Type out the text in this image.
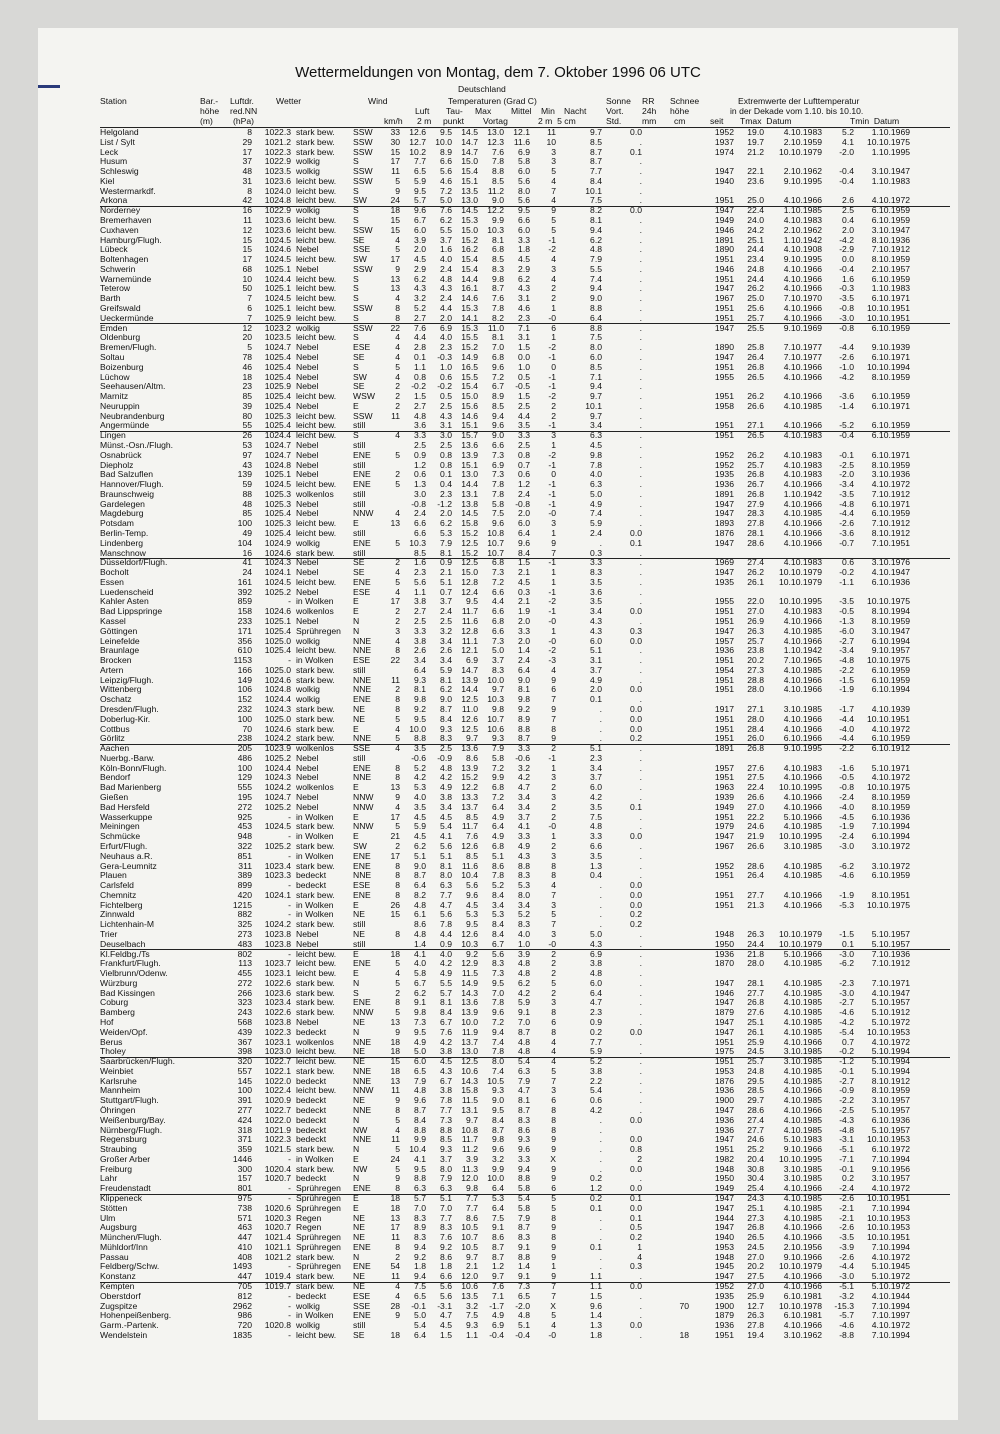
Wettermeldungen von Montag, dem 7. Oktober 1996 06 UTC
Deutschland
Station	Bar.- Luftdr.	Wetter	Wind	Temperaturen (Grad C)	Sonne RR Schnee	Extremwerte der Lufttemperatur
höhe red.NN	Luft Tau- Max Mittel Min Nacht Vort. 24h höhe	in der Dekade vom 1.10. bis 10.10.
(m) (hPa)	km/h 2 m punkt Vortag	2 m  5 cm	Std. mm cm	seit Tmax  Datum	Tmin  Datum
Helgoland	8	1022.3 stark bew. SSW	33	12.6	9.5	14.5	13.0	12.1	11	9.7	0.0	1952	19.0	4.10.1983	5.2	1.10.1969
List / Sylt	29	1021.2 stark bew. SSW	30	12.7	10.0	14.7	12.3	11.6	10	8.5	.	1937	19.7	2.10.1959	4.1	10.10.1975
Leck	17	1022.3 stark bew. SSW	15	10.2	8.9	14.7	7.6	6.9	3	8.7	0.1	1974	21.2	10.10.1979	-2.0	1.10.1995
Husum	37	1022.9 wolkig	S	17	7.7	6.6	15.0	7.8	5.8	3	8.7	.
Schleswig	48	1023.5 wolkig	SSW	11	6.5	5.6	15.4	8.8	6.0	5	7.7	.	1947	22.1	2.10.1962	-0.4	3.10.1947
Kiel	31	1023.6 leicht bew. SSW	5	5.9	4.6	15.1	8.5	5.6	4	8.4	.	1940	23.6	9.10.1995	-0.4	1.10.1983
Westermarkdf.	8	1024.0 leicht bew. S	9	9.5	7.2	13.5	11.2	8.0	7	10.1	.
Arkona	42	1024.8 leicht bew. SW	24	5.7	5.0	13.0	9.0	5.6	4	7.5	.	1951	25.0	4.10.1966	2.6	4.10.1972
Norderney	16	1022.9 wolkig	S	18	9.6	7.6	14.5	12.2	9.5	9	8.2	0.0	1947	22.4	1.10.1985	2.5	6.10.1959
Bremerhaven	11	1023.6 leicht bew. S	15	6.7	6.2	15.3	9.9	6.6	5	8.1	.	1949	24.0	4.10.1983	0.4	6.10.1959
Cuxhaven	12	1023.6 leicht bew. SSW	15	6.0	5.5	15.0	10.3	6.0	5	9.4	.	1946	24.2	2.10.1962	2.0	3.10.1947
Hamburg/Flugh.	15	1024.5 leicht bew. SE	4	3.9	3.7	15.2	8.1	3.3	-1	6.2	.	1891	25.1	1.10.1942	-4.2	8.10.1936
Lübeck	15	1024.6 Nebel	SSE	5	2.0	1.6	16.2	6.8	1.8	-2	4.8	.	1890	24.4	4.10.1908	-2.9	7.10.1912
Boltenhagen	17	1024.5 leicht bew. SW	17	4.5	4.0	15.4	8.5	4.5	4	7.9	.	1951	23.4	9.10.1995	0.0	8.10.1959
Schwerin	68	1025.1 Nebel	SSW	9	2.9	2.4	15.4	8.3	2.9	3	5.5	.	1946	24.8	4.10.1966	-0.4	2.10.1957
Warnemünde	10	1024.4 leicht bew. S	13	6.2	4.8	14.4	9.8	6.2	4	7.4	.	1951	24.4	4.10.1966	1.6	6.10.1959
Teterow	50	1025.1 leicht bew. S	13	4.3	4.3	16.1	8.7	4.3	2	9.4	.	1947	26.2	4.10.1966	-0.3	1.10.1983
Barth	7	1024.5 leicht bew. S	4	3.2	2.4	14.6	7.6	3.1	2	9.0	.	1967	25.0	7.10.1970	-3.5	6.10.1971
Greifswald	6	1025.1 leicht bew. SSW	8	5.2	4.4	15.3	7.8	4.6	1	8.8	.	1951	25.6	4.10.1966	-0.8	10.10.1951
Ueckermünde	7	1025.9 leicht bew. S	8	2.7	2.0	14.1	8.2	2.3	-0	6.4	.	1951	25.7	4.10.1966	-3.0	10.10.1951
Emden	12	1023.2 wolkig	SSW	22	7.6	6.9	15.3	11.0	7.1	6	8.8	.	1947	25.5	9.10.1969	-0.8	6.10.1959
Oldenburg	20	1023.5 leicht bew. S	4	4.4	4.0	15.5	8.1	3.1	1	7.5	.
Bremen/Flugh.	5	1024.7 Nebel	ESE	4	2.8	2.3	15.2	7.0	1.5	-2	8.0	.	1890	25.8	7.10.1977	-4.4	9.10.1939
Soltau	78	1025.4 Nebel	SE	4	0.1	-0.3	14.9	6.8	0.0	-1	6.0	.	1947	26.4	7.10.1977	-2.6	6.10.1971
Boizenburg	46	1025.4 Nebel	S	5	1.1	1.0	16.5	9.6	1.0	0	8.5	.	1951	26.8	4.10.1966	-1.0	10.10.1994
Lüchow	18	1025.4 Nebel	SW	4	0.8	0.6	15.5	7.2	0.5	-1	7.1	.	1955	26.5	4.10.1966	-4.2	8.10.1959
Seehausen/Altm.	23	1025.9 Nebel	SE	2	-0.2	-0.2	15.4	6.7	-0.5	-1	9.4	.
Marnitz	85	1025.4 leicht bew. WSW	2	1.5	0.5	15.0	8.9	1.5	-2	9.7	.	1951	26.2	4.10.1966	-3.6	6.10.1959
Neuruppin	39	1025.4 Nebel	E	2	2.7	2.5	15.6	8.5	2.5	2	10.1	.	1958	26.6	4.10.1985	-1.4	6.10.1971
Neubrandenburg	80	1025.3 leicht bew. SSW	11	4.8	4.3	14.6	9.4	4.4	2	9.7	.
Angermünde	55	1025.4 leicht bew. still	3.6	3.1	15.1	9.6	3.5	-1	3.4	.	1951	27.1	4.10.1966	-5.2	6.10.1959
Lingen	26	1024.4 leicht bew. S	4	3.3	3.0	15.7	9.0	3.3	3	6.3	.	1951	26.5	4.10.1983	-0.4	6.10.1959
Münst.-Osn./Flugh.	53	1024.7 Nebel	still	2.5	2.5	13.6	6.6	2.5	1	4.5	.
Osnabrück	97	1024.7 Nebel	ENE	5	0.9	0.8	13.9	7.3	0.8	-2	9.8	.	1952	26.2	4.10.1983	-0.1	6.10.1971
Diepholz	43	1024.8 Nebel	still	1.2	0.8	15.1	6.9	0.7	-1	7.8	.	1952	25.7	4.10.1983	-2.5	8.10.1959
Bad Salzuflen	139	1025.1 Nebel	ENE	2	0.6	0.1	13.0	7.3	0.6	0	4.0	.	1935	26.8	4.10.1983	-2.0	3.10.1936
Hannover/Flugh.	59	1024.5 leicht bew. ENE	5	1.3	0.4	14.4	7.8	1.2	-1	6.3	.	1936	26.7	4.10.1966	-3.4	4.10.1972
Braunschweig	88	1025.3 wolkenlos still	3.0	2.3	13.1	7.8	2.4	-1	5.0	.	1891	26.8	1.10.1942	-3.5	7.10.1912
Gardelegen	48	1025.3 Nebel	still	-0.8	-1.2	13.8	5.8	-0.8	-1	4.9	.	1947	27.9	4.10.1966	-4.8	6.10.1971
Magdeburg	85	1025.4 Nebel	NNW	4	2.4	2.0	14.5	7.5	2.0	-0	7.4	.	1947	28.3	4.10.1985	-4.4	6.10.1959
Potsdam	100	1025.3 leicht bew. E	13	6.6	6.2	15.8	9.6	6.0	3	5.9	.	1893	27.8	4.10.1966	-2.6	7.10.1912
Berlin-Temp.	49	1025.4 leicht bew. still	6.6	5.3	15.2	10.8	6.4	1	2.4	0.0	1876	28.1	4.10.1966	-3.6	8.10.1912
Lindenberg	104	1024.9 wolkig	ENE	5	10.3	7.9	12.5	10.7	9.6	9	.	0.1	1947	28.6	4.10.1966	-0.7	7.10.1951
Manschnow	16	1024.6 stark bew. still	8.5	8.1	15.2	10.7	8.4	7	0.3	.
Düsseldorf/Flugh.	41	1024.3 Nebel	SE	2	1.6	0.9	12.5	6.8	1.5	-1	3.3	.	1969	27.4	4.10.1983	0.6	3.10.1976
Bocholt	24	1024.1 Nebel	SE	4	2.3	2.1	15.0	7.3	2.1	1	8.3	.	1947	26.2	10.10.1979	-0.2	4.10.1947
Essen	161	1024.5 leicht bew. ENE	5	5.6	5.1	12.8	7.2	4.5	1	3.5	.	1935	26.1	10.10.1979	-1.1	6.10.1936
Luedenscheid	392	1025.2 Nebel	ESE	4	1.1	0.7	12.4	6.6	0.3	-1	3.6	.
Kahler Asten	859	- in Wolken E	17	3.8	3.7	9.5	4.4	2.1	-2	3.5	.	1955	22.0	10.10.1995	-3.5	10.10.1975
Bad Lippspringe	158	1024.6 wolkenlos E	2	2.7	2.4	11.7	6.6	1.9	-1	3.4	0.0	1951	27.0	4.10.1983	-0.5	8.10.1994
Kassel	233	1025.1 Nebel	N	2	2.5	2.5	11.6	6.8	2.0	-0	4.3	.	1951	26.9	4.10.1966	-1.3	8.10.1959
Göttingen	171	1025.4 Sprühregen N	3	3.3	3.2	12.8	6.6	3.3	1	4.3	0.3	1947	26.3	4.10.1985	-6.0	3.10.1947
Leinefelde	356	1025.0 wolkig	NNE	4	3.8	3.4	11.1	7.3	2.0	-0	6.0	0.0	1957	25.7	4.10.1966	-2.7	6.10.1994
Braunlage	610	1025.4 leicht bew. NNE	8	2.6	2.6	12.1	5.0	1.4	-2	5.1	.	1936	23.8	1.10.1942	-3.4	9.10.1957
Brocken	1153	- in Wolken ESE	22	3.4	3.4	6.9	3.7	2.4	-3	3.1	.	1951	20.2	7.10.1965	-4.8	10.10.1975
Artern	166	1025.0 stark bew. still	6.4	5.9	14.7	8.3	6.4	4	3.7	.	1954	27.3	4.10.1985	-2.2	6.10.1959
Leipzig/Flugh.	149	1024.6 stark bew. NNE	11	9.3	8.1	13.9	10.0	9.0	9	4.9	.	1951	28.8	4.10.1966	-1.5	6.10.1959
Wittenberg	106	1024.8 wolkig	NNE	2	8.1	6.2	14.4	9.7	8.1	6	2.0	0.0	1951	28.0	4.10.1966	-1.9	6.10.1994
Oschatz	152	1024.4 wolkig	ENE	8	9.8	9.0	12.5	10.3	9.8	7	0.1	.
Dresden/Flugh.	232	1024.3 stark bew. NE	8	9.2	8.7	11.0	9.8	9.2	9	.	0.0	1917	27.1	3.10.1985	-1.7	4.10.1939
Doberlug-Kir.	100	1025.0 stark bew. NE	5	9.5	8.4	12.6	10.7	8.9	7	.	0.0	1951	28.0	4.10.1966	-4.4	10.10.1951
Cottbus	70	1024.6 stark bew. E	4	10.0	9.3	12.5	10.6	8.8	8	.	0.0	1951	28.4	4.10.1966	-4.0	4.10.1972
Görlitz	238	1024.2 stark bew. NNE	5	8.8	8.3	9.7	9.3	8.7	9	.	0.2	1951	26.0	6.10.1966	-4.4	6.10.1959
Aachen	205	1023.9 wolkenlos SSE	4	3.5	2.5	13.6	7.9	3.3	2	5.1	.	1891	26.8	9.10.1995	-2.2	6.10.1912
Nuerbg.-Barw.	486	1025.2 Nebel	still	-0.6	-0.9	8.6	5.8	-0.6	-1	2.3	.
Köln-Bonn/Flugh.	100	1024.4 Nebel	ENE	8	5.2	4.8	13.9	7.2	3.2	1	3.4	.	1957	27.6	4.10.1983	-1.6	5.10.1971
Bendorf	129	1024.3 Nebel	NNE	8	4.2	4.2	15.2	9.9	4.2	3	3.7	.	1951	27.5	4.10.1966	-0.5	4.10.1972
Bad Marienberg	555	1024.2 wolkenlos E	13	5.3	4.9	12.2	6.8	4.7	2	6.0	.	1963	22.4	10.10.1995	-0.8	10.10.1975
Gießen	195	1024.7 Nebel	NNW	9	4.0	3.8	13.3	7.2	3.4	3	4.2	.	1939	26.6	4.10.1966	-2.4	8.10.1959
Bad Hersfeld	272	1025.2 Nebel	NNW	4	3.5	3.4	13.7	6.4	3.4	2	3.5	0.1	1949	27.0	4.10.1966	-4.0	8.10.1959
Wasserkuppe	925	- in Wolken E	17	4.5	4.5	8.5	4.9	3.7	2	7.5	.	1951	22.2	5.10.1966	-4.5	6.10.1936
Meiningen	453	1024.5 stark bew. NNW	5	5.9	5.4	11.7	6.4	4.1	-0	4.8	.	1979	24.6	4.10.1985	-1.9	7.10.1994
Schmücke	948	- in Wolken E	21	4.5	4.1	7.6	4.9	3.3	1	3.3	0.0	1947	21.9	10.10.1995	-2.4	6.10.1994
Erfurt/Flugh.	322	1025.2 stark bew. SW	2	6.2	5.6	12.6	6.8	4.9	2	6.6	.	1967	26.6	3.10.1985	-3.0	3.10.1972
Neuhaus a.R.	851	- in Wolken ENE	17	5.1	5.1	8.5	5.1	4.3	3	3.5	.
Gera-Leumnitz	311	1023.4 stark bew. ENE	8	9.0	8.1	11.6	8.6	8.8	8	1.3	.	1952	28.6	4.10.1985	-6.2	3.10.1972
Plauen	389	1023.3 bedeckt	NNE	8	8.7	8.0	10.4	7.8	8.3	8	0.4	.	1951	26.4	4.10.1985	-4.6	6.10.1959
Carlsfeld	899	- bedeckt	ESE	8	6.4	6.3	5.6	5.2	5.3	4	.	0.0
Chemnitz	420	1024.1 stark bew. ENE	8	8.2	7.7	9.6	8.4	8.0	7	.	0.0	1951	27.7	4.10.1966	-1.9	8.10.1951
Fichtelberg	1215	- in Wolken E	26	4.8	4.7	4.5	3.4	3.4	3	.	0.0	1951	21.3	4.10.1966	-5.3	10.10.1975
Zinnwald	882	- in Wolken NE	15	6.1	5.6	5.3	5.3	5.2	5	.	0.2
Lichtenhain-M	325	1024.2 stark bew. still	8.6	7.8	9.5	8.4	8.3	7	.	0.2
Trier	273	1023.8 Nebel	NE	8	4.8	4.4	12.6	8.4	4.0	3	5.0	.	1948	26.3	10.10.1979	-1.5	5.10.1957
Deuselbach	483	1023.8 Nebel	still	1.4	0.9	10.3	6.7	1.0	-0	4.3	.	1950	24.4	10.10.1979	0.1	5.10.1957
Kl.Feldbg./Ts	802	- leicht bew. E	18	4.1	4.0	9.2	5.6	3.9	2	6.9	.	1936	21.8	5.10.1966	-3.0	7.10.1936
Frankfurt/Flugh.	113	1023.7 leicht bew. ENE	5	4.0	4.2	12.9	8.3	4.8	2	3.8	.	1870	28.0	4.10.1985	-6.2	7.10.1912
Vielbrunn/Odenw.	455	1023.1 leicht bew. E	4	5.8	4.9	11.5	7.3	4.8	2	4.8	.
Würzburg	272	1022.6 stark bew. N	5	6.7	5.5	14.9	9.5	6.2	5	6.0	.	1947	28.1	4.10.1985	-2.3	7.10.1971
Bad Kissingen	266	1023.6 stark bew. S	2	6.2	5.7	14.3	7.0	4.2	2	6.4	.	1946	27.7	4.10.1985	-3.0	4.10.1947
Coburg	323	1023.4 stark bew. ENE	8	9.1	8.1	13.6	7.8	5.9	3	4.7	.	1947	26.8	4.10.1985	-2.7	5.10.1957
Bamberg	243	1022.6 stark bew. NNW	5	9.8	8.4	13.9	9.6	9.1	8	2.3	.	1879	27.6	4.10.1985	-4.6	5.10.1912
Hof	568	1023.8 Nebel	NE	13	7.3	6.7	10.0	7.2	7.0	6	0.9	.	1947	25.1	4.10.1985	-4.2	5.10.1972
Weiden/Opf.	439	1022.3 bedeckt	N	9	9.5	7.6	11.9	9.4	8.7	8	0.2	0.0	1947	26.1	4.10.1985	-5.4	10.10.1953
Berus	367	1023.1 wolkenlos NNE	18	4.9	4.2	13.7	7.4	4.8	4	7.7	.	1951	25.9	4.10.1966	0.7	4.10.1972
Tholey	398	1023.0 leicht bew. NE	18	5.0	3.8	13.0	7.8	4.8	4	5.9	.	1975	24.5	3.10.1985	-0.2	5.10.1994
Saarbrücken/Flugh.	320	1022.7 leicht bew. NE	15	6.0	4.5	12.5	8.0	5.4	4	5.2	.	1951	25.7	3.10.1985	-1.2	5.10.1994
Weinbiet	557	1022.1 stark bew. NNE	18	6.5	4.3	10.6	7.4	6.3	5	3.8	.	1953	24.8	4.10.1985	-0.1	5.10.1994
Karlsruhe	145	1022.0 bedeckt	NNE	13	7.9	6.7	14.3	10.5	7.9	7	2.2	.	1876	29.5	4.10.1985	-2.7	8.10.1912
Mannheim	100	1022.4 leicht bew. NNW	11	4.8	3.8	15.8	9.3	4.7	3	5.4	.	1936	28.5	4.10.1966	-0.9	8.10.1959
Stuttgart/Flugh.	391	1020.9 bedeckt	NE	9	9.6	7.8	11.5	9.0	8.1	6	0.6	.	1900	29.7	4.10.1985	-2.2	3.10.1957
Öhringen	277	1022.7 bedeckt	NNE	8	8.7	7.7	13.1	9.5	8.7	8	4.2	.	1947	28.6	4.10.1966	-2.5	5.10.1957
Weißenburg/Bay.	424	1022.0 bedeckt	N	5	8.4	7.3	9.7	8.4	8.3	8	.	0.0	1936	27.4	4.10.1985	-4.3	6.10.1936
Nürnberg/Flugh.	318	1021.9 bedeckt	NW	4	8.8	8.8	10.8	8.7	8.6	8	.	1936	27.7	4.10.1985	-4.8	5.10.1957
Regensburg	371	1022.3 bedeckt	NNE	11	9.9	8.5	11.7	9.8	9.3	9	.	0.0	1947	24.6	5.10.1983	-3.1	10.10.1953
Straubing	359	1021.5 stark bew. N	5	10.4	9.3	11.2	9.6	9.6	9	.	0.8	1951	25.2	9.10.1966	-5.1	6.10.1972
Großer Arber	1446	- in Wolken E	24	4.1	3.7	3.9	3.2	3.3	X	.	2	1982	20.4	10.10.1995	-7.1	7.10.1994
Freiburg	300	1020.4 stark bew. NW	5	9.5	8.0	11.3	9.9	9.4	9	.	0.0	1948	30.8	3.10.1985	-0.1	9.10.1956
Lahr	157	1020.7 bedeckt	N	9	8.8	7.9	12.0	10.0	8.8	9	0.2	.	1950	30.4	3.10.1985	0.2	3.10.1957
Freudenstadt	801	- Sprühregen ENE	8	6.3	6.3	9.8	6.4	5.8	6	1.2	0.0	1949	25.4	4.10.1966	-2.4	4.10.1972
Klippeneck	975	- Sprühregen E	18	5.7	5.1	7.7	5.3	5.4	5	0.2	0.1	1947	24.3	4.10.1985	-2.6	10.10.1951
Stötten	738	1020.6 Sprühregen E	18	7.0	7.0	7.7	6.4	5.8	5	0.1	0.0	1947	25.1	4.10.1985	-2.1	7.10.1994
Ulm	571	1020.3 Regen	NE	13	8.3	7.7	8.6	7.5	7.9	8	.	0.1	1944	27.3	4.10.1985	-2.1	10.10.1953
Augsburg	463	1020.7 Regen	NE	17	8.9	8.3	10.5	9.1	8.7	9	.	0.5	1947	26.8	4.10.1966	-2.6	10.10.1953
München/Flugh.	447	1021.4 Sprühregen NE	11	8.3	7.6	10.7	8.6	8.3	8	.	0.2	1940	26.5	4.10.1966	-3.5	10.10.1951
Mühldorf/Inn	410	1021.1 Sprühregen ENE	8	9.4	9.2	10.5	8.7	9.1	9	0.1	1	1953	24.5	2.10.1956	-3.9	7.10.1994
Passau	408	1021.2 stark bew. N	2	9.2	8.6	9.7	8.7	8.8	9	.	4	1948	27.0	9.10.1966	-2.6	4.10.1972
Feldberg/Schw.	1493	- Sprühregen ENE	54	1.8	1.8	2.1	1.2	1.4	1	.	0.3	1945	20.2	10.10.1979	-4.4	5.10.1945
Konstanz	447	1019.4 stark bew. NE	11	9.4	6.6	12.0	9.7	9.1	9	1.1	.	1947	27.5	4.10.1966	-3.0	5.10.1972
Kempten	705	1019.7 stark bew. NE	4	7.5	5.6	10.6	7.6	7.3	7	1.1	0.0	1952	27.0	4.10.1966	-5.1	5.10.1972
Oberstdorf	812	- bedeckt	ESE	4	6.5	5.6	13.5	7.1	6.5	7	1.5	.	1935	25.9	6.10.1981	-3.2	4.10.1944
Zugspitze	2962	- wolkig	SSE	28	-0.1	-3.1	3.2	-1.7	-2.0	X	9.6	.	70	1900	12.7	10.10.1978	-15.3	7.10.1994
Hohenpeißenberg.	986	- in Wolken ENE	9	5.0	4.7	7.5	4.9	4.8	5	1.4	.	1879	26.3	6.10.1981	-5.7	7.10.1997
Garm.-Partenk.	720	1020.8 wolkig	still	5.4	4.5	9.3	6.9	5.1	4	1.3	0.0	1936	27.8	4.10.1966	-4.6	4.10.1972
Wendelstein	1835	- leicht bew. SE	18	6.4	1.5	1.1	-0.4	-0.4	-0	1.8	.	18	1951	19.4	3.10.1962	-8.8	7.10.1994
